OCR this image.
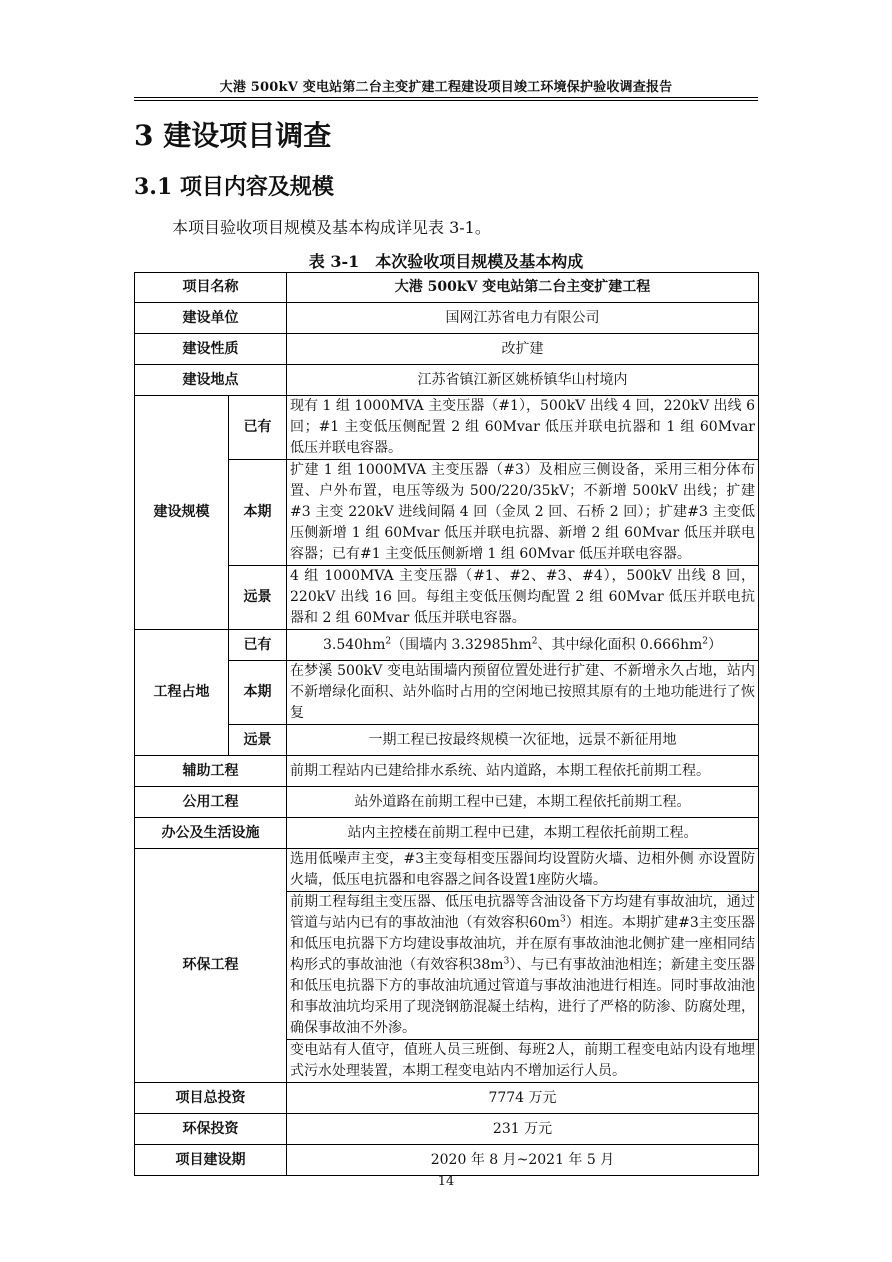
大港 500kV 变电站第二台主变扩建工程建设项目竣工环境保护验收调查报告
3 建设项目调查
3.1 项目内容及规模
本项目验收项目规模及基本构成详见表 3-1。
表 3-1　本次验收项目规模及基本构成
项目名称		大港 500kV 变电站第二台主变扩建工程
建设单位		国网江苏省电力有限公司
建设性质		改扩建
建设地点		江苏省镇江新区姚桥镇华山村境内
建设规模	已有	现有 1 组 1000MVA 主变压器（#1），500kV 出线 4 回，220kV 出线 6 回；#1 主变低压侧配置 2 组 60Mvar 低压并联电抗器和 1 组 60Mvar 低压并联电容器。
	本期	扩建 1 组 1000MVA 主变压器（#3）及相应三侧设备，采用三相分体布置、户外布置，电压等级为 500/220/35kV；不新增 500kV 出线；扩建#3 主变 220kV 进线间隔 4 回（金凤 2 回、石桥 2 回）；扩建#3 主变低压侧新增 1 组 60Mvar 低压并联电抗器、新增 2 组 60Mvar 低压并联电容器；已有#1 主变低压侧新增 1 组 60Mvar 低压并联电容器。
	远景	4 组 1000MVA 主变压器（#1、#2、#3、#4），500kV 出线 8 回，220kV 出线 16 回。每组主变低压侧均配置 2 组 60Mvar 低压并联电抗器和 2 组 60Mvar 低压并联电容器。
工程占地	已有	$3.540hm^2$（围墙内 $3.32985hm^2$、其中绿化面积 $0.666hm^2$）
	本期	在梦溪 500kV 变电站围墙内预留位置处进行扩建、不新增永久占地，站内不新增绿化面积、站外临时占用的空闲地已按照其原有的土地功能进行了恢复
	远景	一期工程已按最终规模一次征地，远景不新征用地
辅助工程		前期工程站内已建给排水系统、站内道路，本期工程依托前期工程。
公用工程		站外道路在前期工程中已建，本期工程依托前期工程。
办公及生活设施		站内主控楼在前期工程中已建，本期工程依托前期工程。
环保工程		选用低噪声主变，#3主变每相变压器间均设置防火墙、边相外侧 亦设置防火墙，低压电抗器和电容器之间各设置1座防火墙。
		前期工程每组主变压器、低压电抗器等含油设备下方均建有事故油坑，通过管道与站内已有的事故油池（有效容积$60m^3$）相连。本期扩建#3主变压器和低压电抗器下方均建设事故油坑，并在原有事故油池北侧扩建一座相同结构形式的事故油池（有效容积$38m^3$）、与已有事故油池相连；新建主变压器和低压电抗器下方的事故油坑通过管道与事故油池进行相连。同时事故油池和事故油坑均采用了现浇钢筋混凝土结构，进行了严格的防渗、防腐处理，确保事故油不外渗。
		变电站有人值守，值班人员三班倒、每班2人，前期工程变电站内设有地埋式污水处理装置，本期工程变电站内不增加运行人员。
项目总投资		7774 万元
环保投资		231 万元
项目建设期		2020 年 8 月~2021 年 5 月
14
